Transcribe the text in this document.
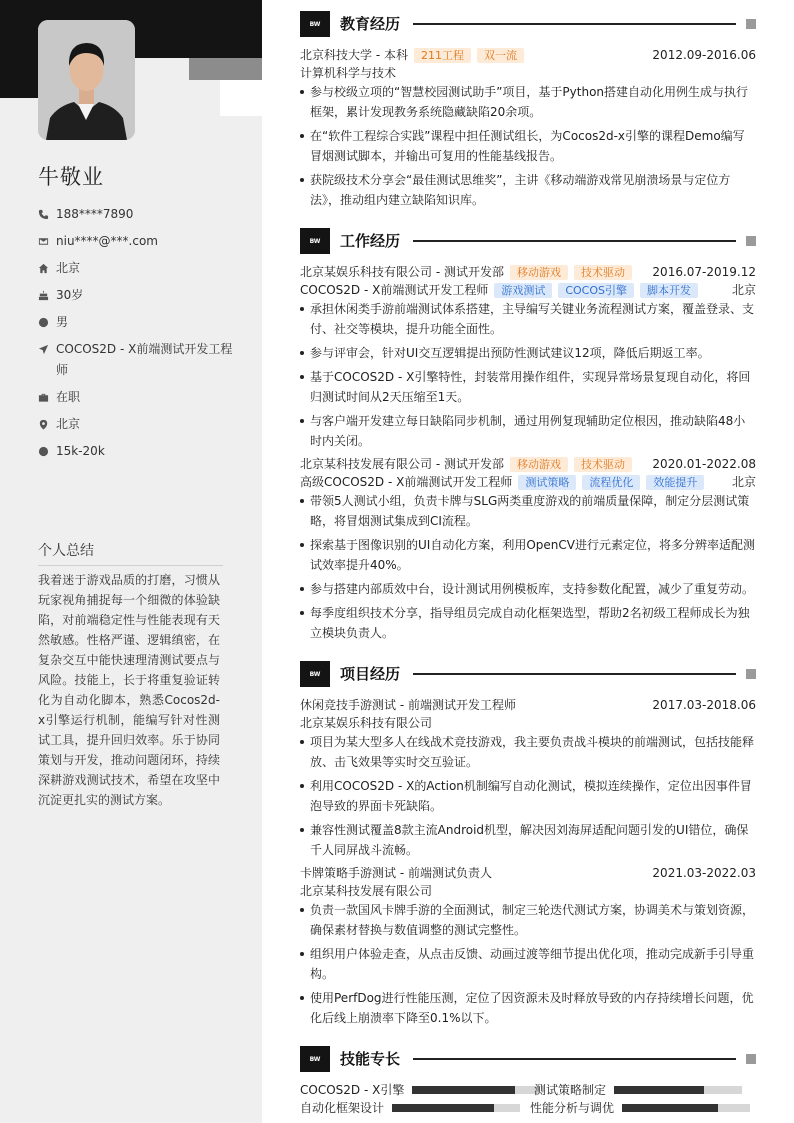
牛敬业
188****7890
niu****@***.com
北京
30岁
男
COCOS2D - X前端测试开发工程师
在职
北京
15k-20k
个人总结
我着迷于游戏品质的打磨，习惯从玩家视角捕捉每一个细微的体验缺陷，对前端稳定性与性能表现有天然敏感。性格严谨、逻辑缜密，在复杂交互中能快速理清测试要点与风险。技能上，长于将重复验证转化为自动化脚本，熟悉Cocos2d-x引擎运行机制，能编写针对性测试工具，提升回归效率。乐于协同策划与开发，推动问题闭环，持续深耕游戏测试技术，希望在攻坚中沉淀更扎实的测试方案。
BW	教育经历
北京科技大学 - 本科	211工程	双一流	2012.09-2016.06
计算机科学与技术
参与校级立项的“智慧校园测试助手”项目，基于Python搭建自动化用例生成与执行框架，累计发现教务系统隐藏缺陷20余项。
在“软件工程综合实践”课程中担任测试组长，为Cocos2d-x引擎的课程Demo编写冒烟测试脚本，并输出可复用的性能基线报告。
获院级技术分享会“最佳测试思维奖”，主讲《移动端游戏常见崩溃场景与定位方法》，推动组内建立缺陷知识库。
BW	工作经历
北京某娱乐科技有限公司 - 测试开发部	移动游戏	技术驱动	2016.07-2019.12
COCOS2D - X前端测试开发工程师	游戏测试	COCOS引擎	脚本开发	北京
承担休闲类手游前端测试体系搭建，主导编写关键业务流程测试方案，覆盖登录、支付、社交等模块，提升功能全面性。
参与评审会，针对UI交互逻辑提出预防性测试建议12项，降低后期返工率。
基于COCOS2D - X引擎特性，封装常用操作组件，实现异常场景复现自动化，将回归测试时间从2天压缩至1天。
与客户端开发建立每日缺陷同步机制，通过用例复现辅助定位根因，推动缺陷48小时内关闭。
北京某科技发展有限公司 - 测试开发部	移动游戏	技术驱动	2020.01-2022.08
高级COCOS2D - X前端测试开发工程师	测试策略	流程优化	效能提升	北京
带领5人测试小组，负责卡牌与SLG两类重度游戏的前端质量保障，制定分层测试策略，将冒烟测试集成到CI流程。
探索基于图像识别的UI自动化方案，利用OpenCV进行元素定位，将多分辨率适配测试效率提升40%。
参与搭建内部质效中台，设计测试用例模板库，支持参数化配置，减少了重复劳动。
每季度组织技术分享，指导组员完成自动化框架选型，帮助2名初级工程师成长为独立模块负责人。
BW	项目经历
休闲竞技手游测试 - 前端测试开发工程师	2017.03-2018.06
北京某娱乐科技有限公司
项目为某大型多人在线战术竞技游戏，我主要负责战斗模块的前端测试，包括技能释放、击飞效果等实时交互验证。
利用COCOS2D - X的Action机制编写自动化测试，模拟连续操作，定位出因事件冒泡导致的界面卡死缺陷。
兼容性测试覆盖8款主流Android机型，解决因刘海屏适配问题引发的UI错位，确保千人同屏战斗流畅。
卡牌策略手游测试 - 前端测试负责人	2021.03-2022.03
北京某科技发展有限公司
负责一款国风卡牌手游的全面测试，制定三轮迭代测试方案，协调美术与策划资源，确保素材替换与数值调整的测试完整性。
组织用户体验走查，从点击反馈、动画过渡等细节提出优化项，推动完成新手引导重构。
使用PerfDog进行性能压测，定位了因资源未及时释放导致的内存持续增长问题，优化后线上崩溃率下降至0.1%以下。
BW	技能专长
COCOS2D - X引擎	测试策略制定
自动化框架设计	性能分析与调优
